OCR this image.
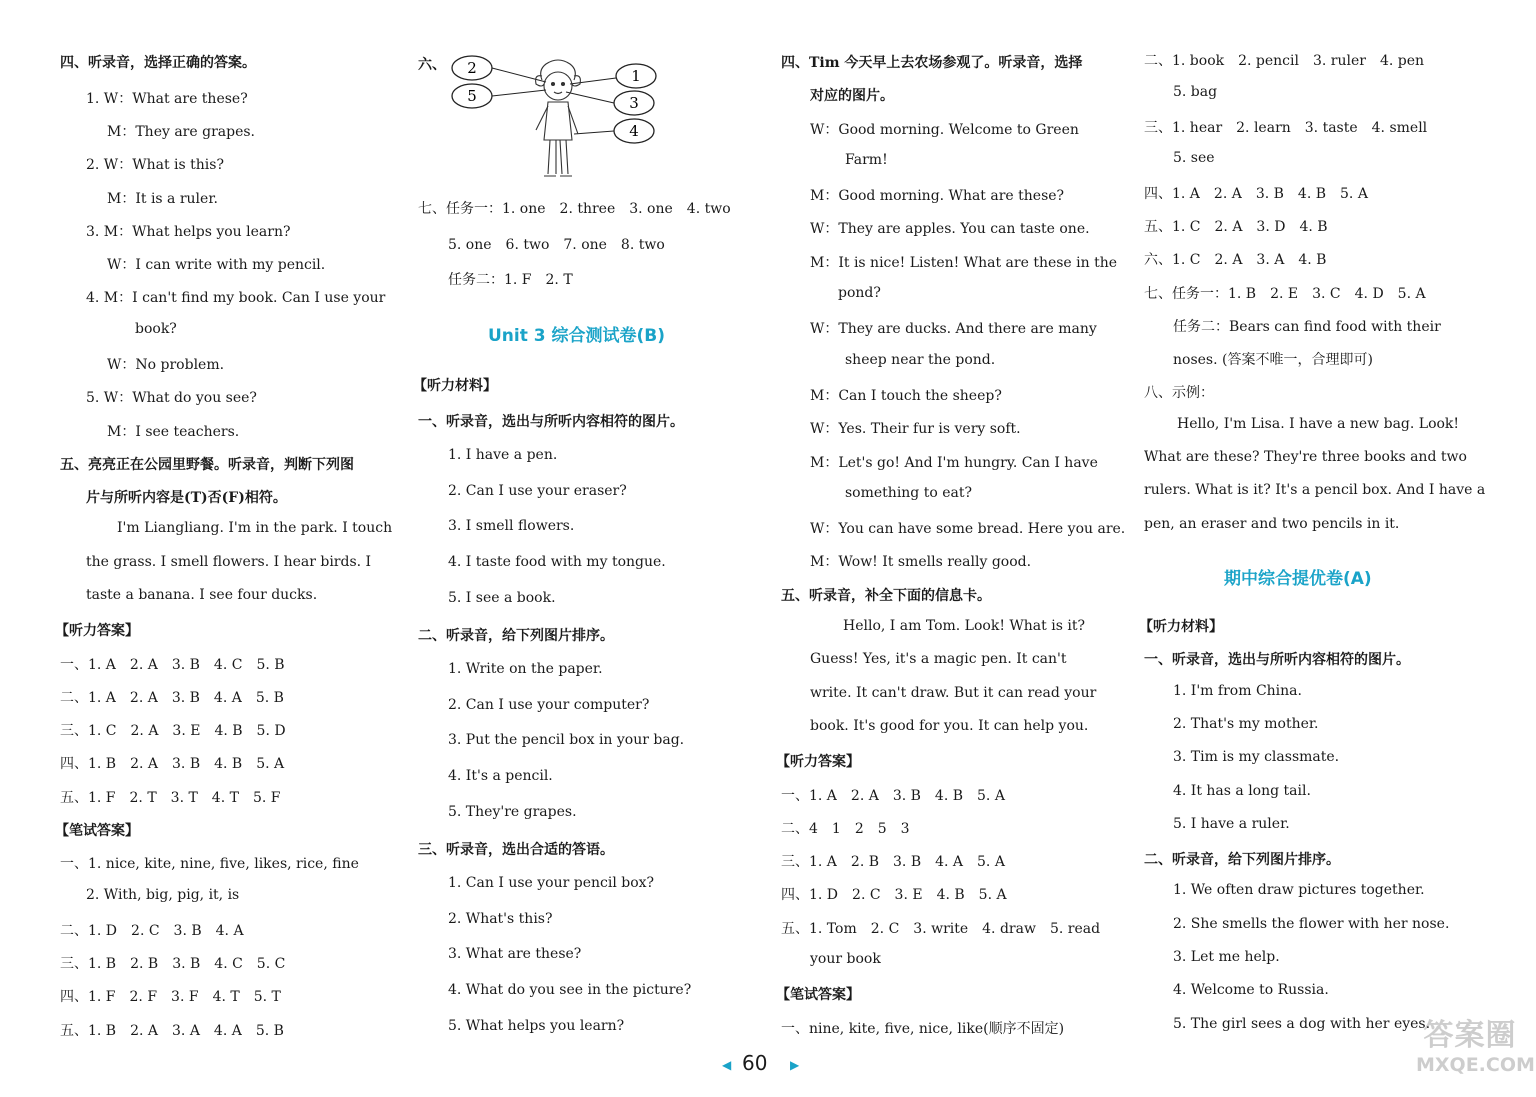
四、听录音，选择正确的答案。
1. W：What are these?
M：They are grapes.
2. W：What is this?
M：It is a ruler.
3. M：What helps you learn?
W：I can write with my pencil.
4. M：I can't find my book. Can I use your
book?
W：No problem.
5. W：What do you see?
M：I see teachers.
五、亮亮正在公园里野餐。听录音，判断下列图
片与所听内容是(T)否(F)相符。
I'm Liangliang. I'm in the park. I touch
the grass. I smell flowers. I hear birds. I
taste a banana. I see four ducks.
【听力答案】
一、1. A　2. A　3. B　4. C　5. B
二、1. A　2. A　3. B　4. A　5. B
三、1. C　2. A　3. E　4. B　5. D
四、1. B　2. A　3. B　4. B　5. A
五、1. F　2. T　3. T　4. T　5. F
【笔试答案】
一、1. nice, kite, nine, five, likes, rice, fine
2. With, big, pig, it, is
二、1. D　2. C　3. B　4. A
三、1. B　2. B　3. B　4. C　5. C
四、1. F　2. F　3. F　4. T　5. T
五、1. B　2. A　3. A　4. A　5. B
六、 2
5
1
3
4
七、任务一：1. one　2. three　3. one　4. two
5. one　6. two　7. one　8. two
任务二：1. F　2. T
Unit 3 综合测试卷(B)
【听力材料】
一、听录音，选出与所听内容相符的图片。
1. I have a pen.
2. Can I use your eraser?
3. I smell flowers.
4. I taste food with my tongue.
5. I see a book.
二、听录音，给下列图片排序。
1. Write on the paper.
2. Can I use your computer?
3. Put the pencil box in your bag.
4. It's a pencil.
5. They're grapes.
三、听录音，选出合适的答语。
1. Can I use your pencil box?
2. What's this?
3. What are these?
4. What do you see in the picture?
5. What helps you learn?
四、Tim 今天早上去农场参观了。听录音，选择
对应的图片。
W：Good morning. Welcome to Green
Farm!
M：Good morning. What are these?
W：They are apples. You can taste one.
M：It is nice! Listen! What are these in the
pond?
W：They are ducks. And there are many
sheep near the pond.
M：Can I touch the sheep?
W：Yes. Their fur is very soft.
M：Let's go! And I'm hungry. Can I have
something to eat?
W：You can have some bread. Here you are.
M：Wow! It smells really good.
五、听录音，补全下面的信息卡。
Hello, I am Tom. Look! What is it?
Guess! Yes, it's a magic pen. It can't
write. It can't draw. But it can read your
book. It's good for you. It can help you.
【听力答案】
一、1. A　2. A　3. B　4. B　5. A
二、4　1　2　5　3
三、1. A　2. B　3. B　4. A　5. A
四、1. D　2. C　3. E　4. B　5. A
五、1. Tom　2. C　3. write　4. draw　5. read
your book
【笔试答案】
一、nine, kite, five, nice, like(顺序不固定)
二、1. book　2. pencil　3. ruler　4. pen
5. bag
三、1. hear　2. learn　3. taste　4. smell
5. see
四、1. A　2. A　3. B　4. B　5. A
五、1. C　2. A　3. D　4. B
六、1. C　2. A　3. A　4. B
七、任务一：1. B　2. E　3. C　4. D　5. A
任务二：Bears can find food with their
noses. (答案不唯一，合理即可)
八、示例：
Hello, I'm Lisa. I have a new bag. Look!
What are these? They're three books and two
rulers. What is it? It's a pencil box. And I have a
pen, an eraser and two pencils in it.
期中综合提优卷(A)
【听力材料】
一、听录音，选出与所听内容相符的图片。
1. I'm from China.
2. That's my mother.
3. Tim is my classmate.
4. It has a long tail.
5. I have a ruler.
二、听录音，给下列图片排序。
1. We often draw pictures together.
2. She smells the flower with her nose.
3. Let me help.
4. Welcome to Russia.
5. The girl sees a dog with her eyes.
◀ 60 ▶
答案圈
MXQE.COM
